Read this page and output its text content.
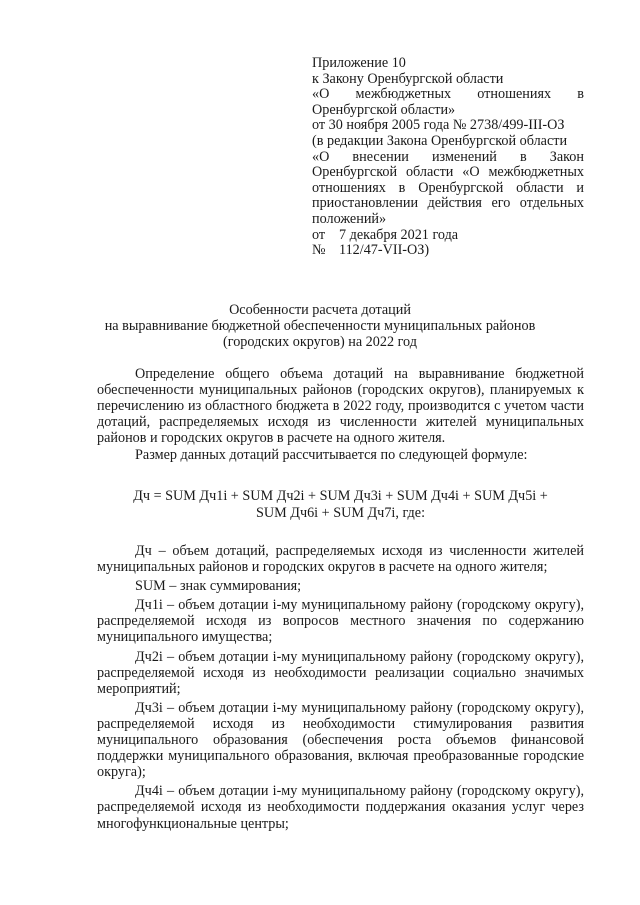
Приложение 10
к Закону Оренбургской области
«О межбюджетных отношениях в
Оренбургской области»
от 30 ноября 2005 года № 2738/499-III-ОЗ
(в редакции Закона Оренбургской области
«О внесении изменений в Закон
Оренбургской области «О межбюджетных
отношениях в Оренбургской области и
приостановлении действия его отдельных
положений»
от 7 декабря 2021 года
№ 112/47-VII-ОЗ)
Особенности расчета дотаций
на выравнивание бюджетной обеспеченности муниципальных районов
(городских округов) на 2022 год

Определение общего объема дотаций на выравнивание бюджетной обеспеченности муниципальных районов (городских округов), планируемых к перечислению из областного бюджета в 2022 году, производится с учетом части дотаций, распределяемых исходя из численности жителей муниципальных районов и городских округов в расчете на одного жителя.

Размер данных дотаций рассчитывается по следующей формуле:
Дч = SUM Дч1i + SUM Дч2i + SUM Дч3i + SUM Дч4i + SUM Дч5i +
SUM Дч6i + SUM Дч7i, где:

Дч – объем дотаций, распределяемых исходя из численности жителей муниципальных районов и городских округов в расчете на одного жителя;

SUM – знак суммирования;

Дч1i – объем дотации i-му муниципальному району (городскому округу), распределяемой исходя из вопросов местного значения по содержанию муниципального имущества;

Дч2i – объем дотации i-му муниципальному району (городскому округу), распределяемой исходя из необходимости реализации социально значимых мероприятий;

Дч3i – объем дотации i-му муниципальному району (городскому округу), распределяемой исходя из необходимости стимулирования развития муниципального образования (обеспечения роста объемов финансовой поддержки муниципального образования, включая преобразованные городские округа);

Дч4i – объем дотации i-му муниципальному району (городскому округу), распределяемой исходя из необходимости поддержания оказания услуг через многофункциональные центры;
